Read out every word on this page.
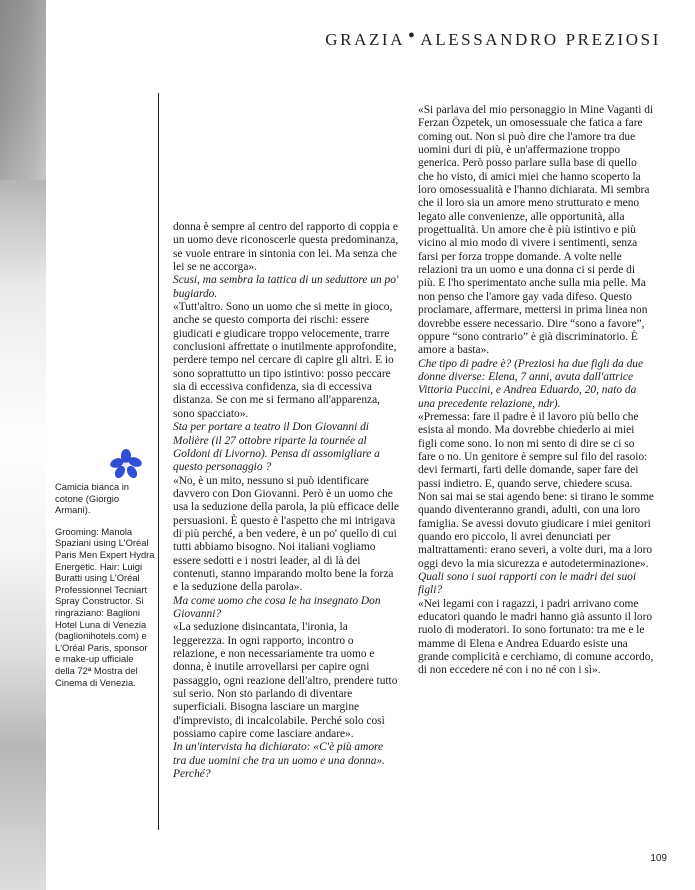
GRAZIA ● ALESSANDRO PREZIOSI

Camicia bianca in cotone (Giorgio Armani).

Grooming: Manola Spaziani using L'Oréal Paris Men Expert Hydra Energetic. Hair: Luigi Buratti using L'Oréal Professionnel Tecniart Spray Constructor. Si ringraziano: Baglioni Hotel Luna di Venezia (baglionihotels.com) e L'Oréal Paris, sponsor e make-up ufficiale della 72ª Mostra del Cinema di Venezia.

donna è sempre al centro del rapporto di coppia e un uomo deve riconoscerle questa predominanza, se vuole entrare in sintonia con lei. Ma senza che lei se ne accorga».

Scusi, ma sembra la tattica di un seduttore un po' bugiardo.

«Tutt'altro. Sono un uomo che si mette in gioco, anche se questo comporta dei rischi: essere giudicati e giudicare troppo velocemente, trarre conclusioni affrettate o inutilmente approfondite, perdere tempo nel cercare di capire gli altri. E io sono soprattutto un tipo istintivo: posso peccare sia di eccessiva confidenza, sia di eccessiva distanza. Se con me si fermano all'apparenza, sono spacciato».

Sta per portare a teatro il Don Giovanni di Molière (il 27 ottobre riparte la tournée al Goldoni di Livorno). Pensa di assomigliare a questo personaggio ?

«No, è un mito, nessuno si può identificare davvero con Don Giovanni. Però è un uomo che usa la seduzione della parola, la più efficace delle persuasioni. È questo è l'aspetto che mi intrigava di più perché, a ben vedere, è un po' quello di cui tutti abbiamo bisogno. Noi italiani vogliamo essere sedotti e i nostri leader, al di là dei contenuti, stanno imparando molto bene la forza e la seduzione della parola».

Ma come uomo che cosa le ha insegnato Don Giovanni?

«La seduzione disincantata, l'ironia, la leggerezza. In ogni rapporto, incontro o relazione, e non necessariamente tra uomo e donna, è inutile arrovellarsi per capire ogni passaggio, ogni reazione dell'altro, prendere tutto sul serio. Non sto parlando di diventare superficiali. Bisogna lasciare un margine d'imprevisto, di incalcolabile. Perché solo così possiamo capire come lasciare andare».

In un'intervista ha dichiarato: «C'è più amore tra due uomini che tra un uomo e una donna». Perché?

«Si parlava del mio personaggio in Mine Vaganti di Ferzan Özpetek, un omosessuale che fatica a fare coming out. Non si può dire che l'amore tra due uomini duri di più, è un'affermazione troppo generica. Però posso parlare sulla base di quello che ho visto, di amici miei che hanno scoperto la loro omosessualità e l'hanno dichiarata. Mi sembra che il loro sia un amore meno strutturato e meno legato alle convenienze, alle opportunità, alla progettualità. Un amore che è più istintivo e più vicino al mio modo di vivere i sentimenti, senza farsi per forza troppe domande. A volte nelle relazioni tra un uomo e una donna ci si perde di più. E l'ho sperimentato anche sulla mia pelle. Ma non penso che l'amore gay vada difeso. Questo proclamare, affermare, mettersi in prima linea non dovrebbe essere necessario. Dire “sono a favore”, oppure “sono contrario” è già discriminatorio. È amore a basta».

Che tipo di padre è? (Preziosi ha due figli da due donne diverse: Elena, 7 anni, avuta dall'attrice Vittoria Puccini, e Andrea Eduardo, 20, nato da una precedente relazione, ndr).

«Premessa: fare il padre è il lavoro più bello che esista al mondo. Ma dovrebbe chiederlo ai miei figli come sono. Io non mi sento di dire se ci so fare o no. Un genitore è sempre sul filo del rasoio: devi fermarti, farti delle domande, saper fare dei passi indietro. E, quando serve, chiedere scusa. Non sai mai se stai agendo bene: si tirano le somme quando diventeranno grandi, adulti, con una loro famiglia. Se avessi dovuto giudicare i miei genitori quando ero piccolo, li avrei denunciati per maltrattamenti: erano severi, a volte duri, ma a loro oggi devo la mia sicurezza e autodeterminazione».

Quali sono i suoi rapporti con le madri dei suoi figli?

«Nei legami con i ragazzi, i padri arrivano come educatori quando le madri hanno già assunto il loro ruolo di moderatori. Io sono fortunato: tra me e le mamme di Elena e Andrea Eduardo esiste una grande complicità e cerchiamo, di comune accordo, di non eccedere né con i no né con i sì».

109
